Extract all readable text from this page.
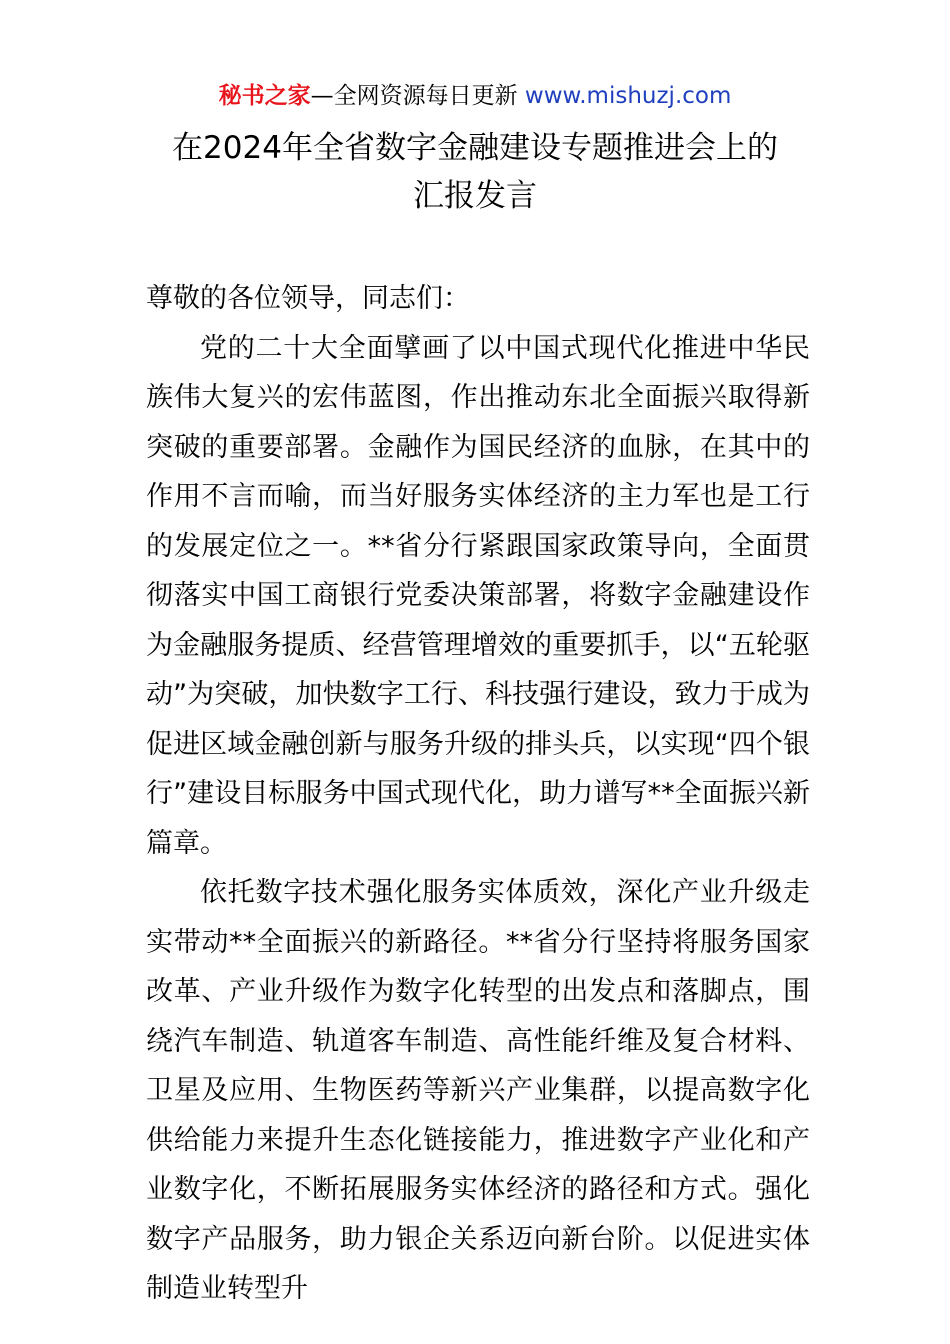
秘书之家—全网资源每日更新 www.mishuzj.com
在2024年全省数字金融建设专题推进会上的
汇报发言

尊敬的各位领导，同志们：

党的二十大全面擘画了以中国式现代化推进中华民族伟大复兴的宏伟蓝图，作出推动东北全面振兴取得新突破的重要部署。金融作为国民经济的血脉，在其中的作用不言而喻，而当好服务实体经济的主力军也是工行的发展定位之一。**省分行紧跟国家政策导向，全面贯彻落实中国工商银行党委决策部署，将数字金融建设作为金融服务提质、经营管理增效的重要抓手，以“五轮驱动”为突破，加快数字工行、科技强行建设，致力于成为促进区域金融创新与服务升级的排头兵，以实现“四个银行”建设目标服务中国式现代化，助力谱写**全面振兴新篇章。

依托数字技术强化服务实体质效，深化产业升级走实带动**全面振兴的新路径。**省分行坚持将服务国家改革、产业升级作为数字化转型的出发点和落脚点，围绕汽车制造、轨道客车制造、高性能纤维及复合材料、卫星及应用、生物医药等新兴产业集群，以提高数字化供给能力来提升生态化链接能力，推进数字产业化和产业数字化，不断拓展服务实体经济的路径和方式。强化数字产品服务，助力银企关系迈向新台阶。以促进实体制造业转型升
